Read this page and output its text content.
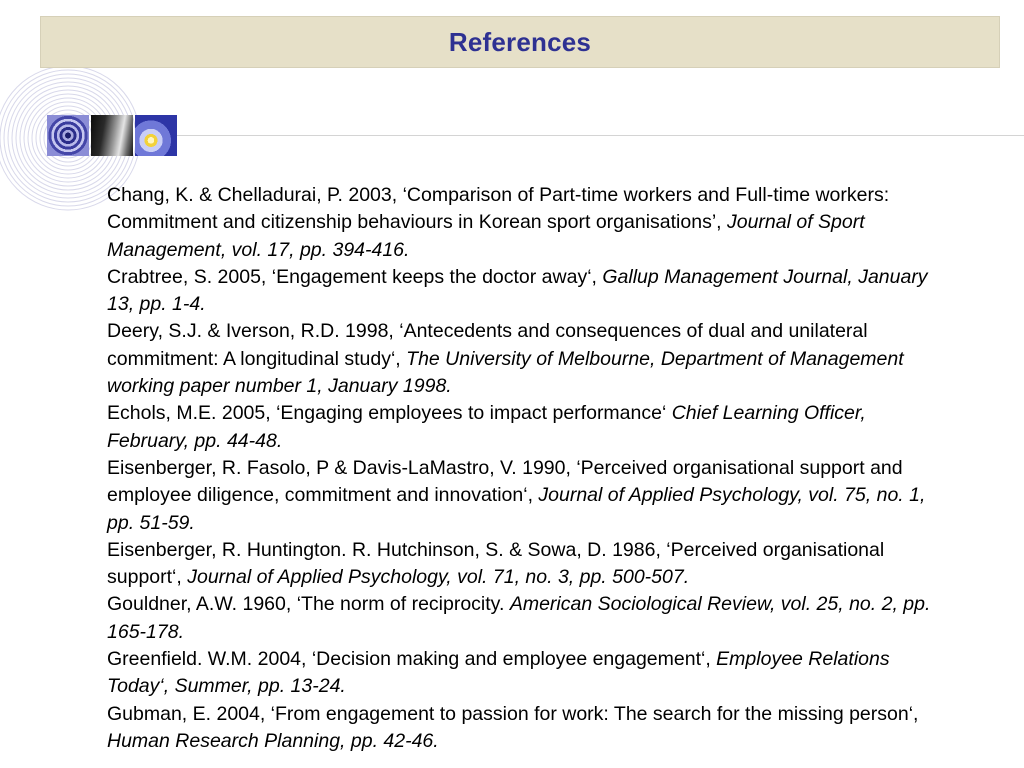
References
Chang, K. & Chelladurai, P. 2003, ‘Comparison of Part-time workers and Full-time workers: Commitment and citizenship behaviours in Korean sport organisations’, Journal of Sport Management, vol. 17, pp. 394-416.
Crabtree, S. 2005, ‘Engagement keeps the doctor away‘, Gallup Management Journal, January 13, pp. 1-4.
Deery, S.J. & Iverson, R.D. 1998, ‘Antecedents and consequences of dual and unilateral commitment: A longitudinal study‘, The University of Melbourne, Department of Management working paper number 1, January 1998.
Echols, M.E. 2005, ‘Engaging employees to impact performance‘ Chief Learning Officer, February, pp. 44-48.
Eisenberger, R. Fasolo, P & Davis-LaMastro, V. 1990, ‘Perceived organisational support and employee diligence, commitment and innovation‘, Journal of Applied Psychology, vol. 75, no. 1, pp. 51-59.
Eisenberger, R. Huntington. R. Hutchinson, S. & Sowa, D. 1986, ‘Perceived organisational support‘, Journal of Applied Psychology, vol. 71, no. 3, pp. 500-507.
Gouldner, A.W. 1960, ‘The norm of reciprocity. American Sociological Review, vol. 25, no. 2, pp. 165-178.
Greenfield. W.M. 2004, ‘Decision making and employee engagement‘, Employee Relations Today‘, Summer, pp. 13-24.
Gubman, E. 2004, ‘From engagement to passion for work: The search for the missing person‘, Human Research Planning, pp. 42-46.
